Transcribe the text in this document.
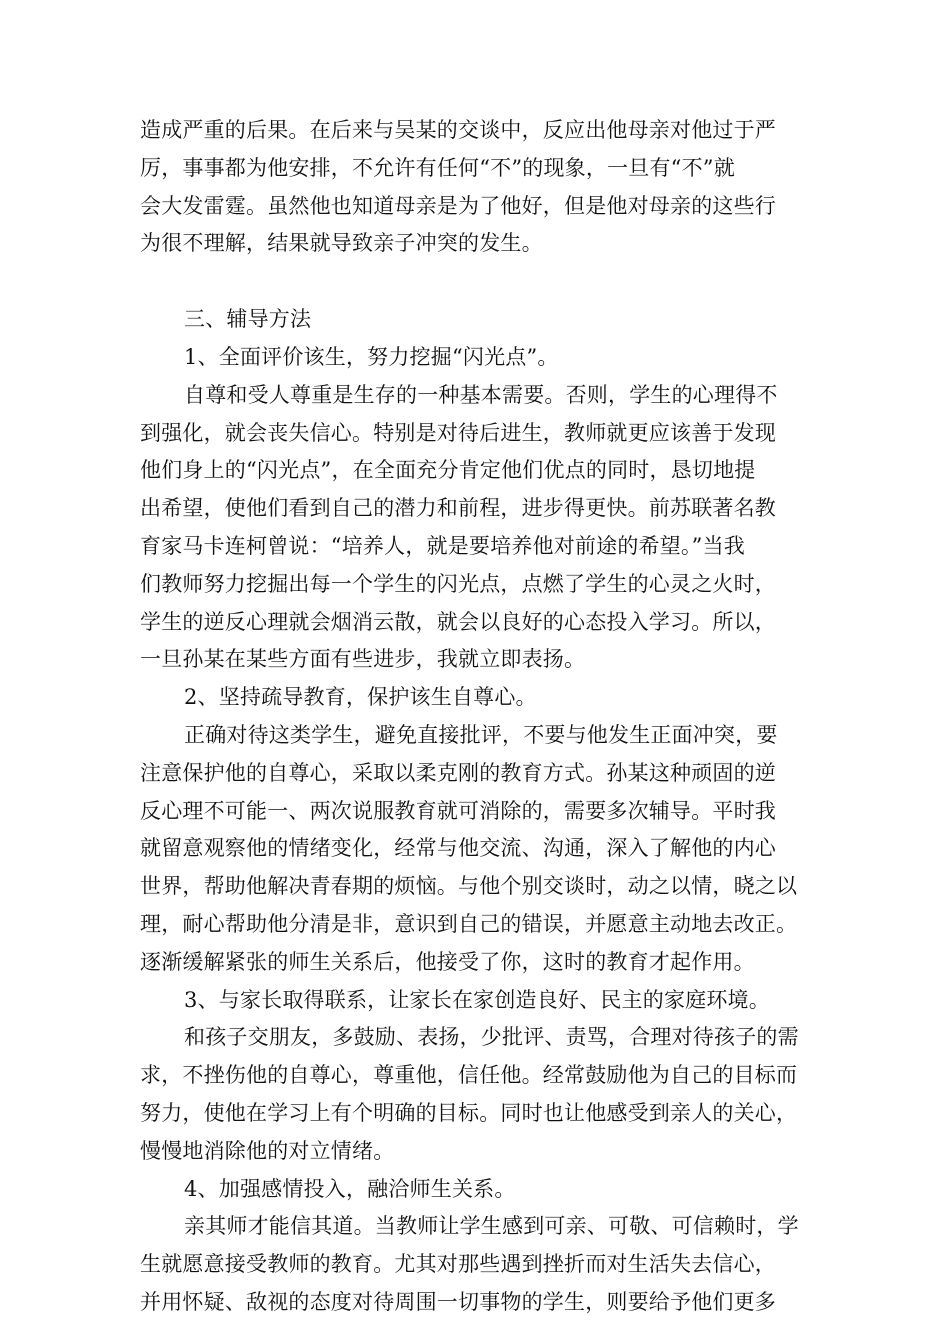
造成严重的后果。在后来与吴某的交谈中，反应出他母亲对他过于严
厉，事事都为他安排，不允许有任何“不”的现象，一旦有“不”就
会大发雷霆。虽然他也知道母亲是为了他好，但是他对母亲的这些行
为很不理解，结果就导致亲子冲突的发生。
三、辅导方法
1、全面评价该生，努力挖掘“闪光点”。
自尊和受人尊重是生存的一种基本需要。否则，学生的心理得不
到强化，就会丧失信心。特别是对待后进生，教师就更应该善于发现
他们身上的“闪光点”，在全面充分肯定他们优点的同时，恳切地提
出希望，使他们看到自己的潜力和前程，进步得更快。前苏联著名教
育家马卡连柯曾说：“培养人，就是要培养他对前途的希望。”当我
们教师努力挖掘出每一个学生的闪光点，点燃了学生的心灵之火时，
学生的逆反心理就会烟消云散，就会以良好的心态投入学习。所以，
一旦孙某在某些方面有些进步，我就立即表扬。
2、坚持疏导教育，保护该生自尊心。
正确对待这类学生，避免直接批评，不要与他发生正面冲突，要
注意保护他的自尊心，采取以柔克刚的教育方式。孙某这种顽固的逆
反心理不可能一、两次说服教育就可消除的，需要多次辅导。平时我
就留意观察他的情绪变化，经常与他交流、沟通，深入了解他的内心
世界，帮助他解决青春期的烦恼。与他个别交谈时，动之以情，晓之以
理，耐心帮助他分清是非，意识到自己的错误，并愿意主动地去改正。
逐渐缓解紧张的师生关系后，他接受了你，这时的教育才起作用。
3、与家长取得联系，让家长在家创造良好、民主的家庭环境。
和孩子交朋友，多鼓励、表扬，少批评、责骂，合理对待孩子的需
求，不挫伤他的自尊心，尊重他，信任他。经常鼓励他为自己的目标而
努力，使他在学习上有个明确的目标。同时也让他感受到亲人的关心，
慢慢地消除他的对立情绪。
4、加强感情投入，融洽师生关系。
亲其师才能信其道。当教师让学生感到可亲、可敬、可信赖时，学
生就愿意接受教师的教育。尤其对那些遇到挫折而对生活失去信心，
并用怀疑、敌视的态度对待周围一切事物的学生，则要给予他们更多
